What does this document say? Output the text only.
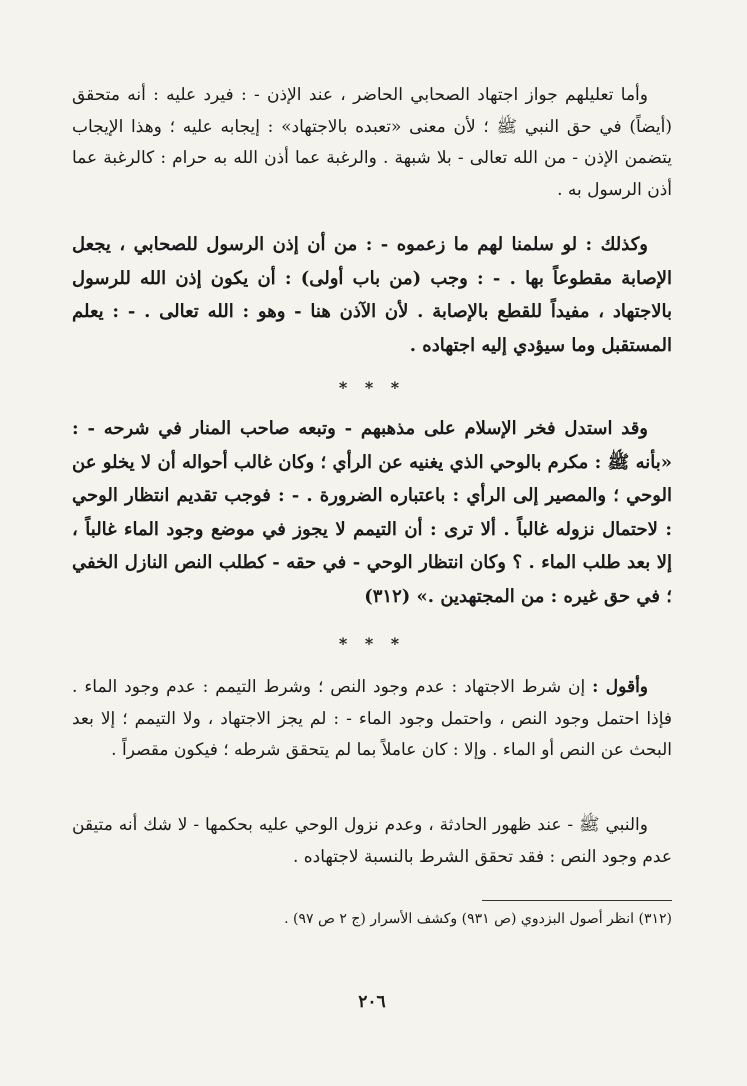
وأما تعليلهم جواز اجتهاد الصحابي الحاضر ، عند الإذن - : فيرد عليه : أنه متحقق (أيضاً) في حق النبي ﷺ ؛ لأن معنى «تعبده بالاجتهاد» : إيجابه عليه ؛ وهذا الإيجاب يتضمن الإذن - من الله تعالى - بلا شبهة . والرغبة عما أذن الله به حرام : كالرغبة عما أذن الرسول به .

وكذلك : لو سلمنا لهم ما زعموه - : من أن إذن الرسول للصحابي ، يجعل الإصابة مقطوعاً بها . - : وجب (من باب أولى) : أن يكون إذن الله للرسول بالاجتهاد ، مفيداً للقطع بالإصابة . لأن الآذن هنا - وهو : الله تعالى . - : يعلم المستقبل وما سيؤدي إليه اجتهاده .

* * *

وقد استدل فخر الإسلام على مذهبهم - وتبعه صاحب المنار في شرحه - : «بأنه ﷺ : مكرم بالوحي الذي يغنيه عن الرأي ؛ وكان غالب أحواله أن لا يخلو عن الوحي ؛ والمصير إلى الرأي : باعتباره الضرورة . - : فوجب تقديم انتظار الوحي : لاحتمال نزوله غالباً . ألا ترى : أن التيمم لا يجوز في موضع وجود الماء غالباً ، إلا بعد طلب الماء . ؟ وكان انتظار الوحي - في حقه - كطلب النص النازل الخفي ؛ في حق غيره : من المجتهدين .» (٣١٢)

* * *

وأقول : إن شرط الاجتهاد : عدم وجود النص ؛ وشرط التيمم : عدم وجود الماء . فإذا احتمل وجود النص ، واحتمل وجود الماء - : لم يجز الاجتهاد ، ولا التيمم ؛ إلا بعد البحث عن النص أو الماء . وإلا : كان عاملاً بما لم يتحقق شرطه ؛ فيكون مقصراً .

والنبي ﷺ - عند ظهور الحادثة ، وعدم نزول الوحي عليه بحكمها - لا شك أنه متيقن عدم وجود النص : فقد تحقق الشرط بالنسبة لاجتهاده .

(٣١٢) انظر أصول البزدوي (ص ٩٣١) وكشف الأسرار (ج ٢ ص ٩٧) .
٢٠٦
